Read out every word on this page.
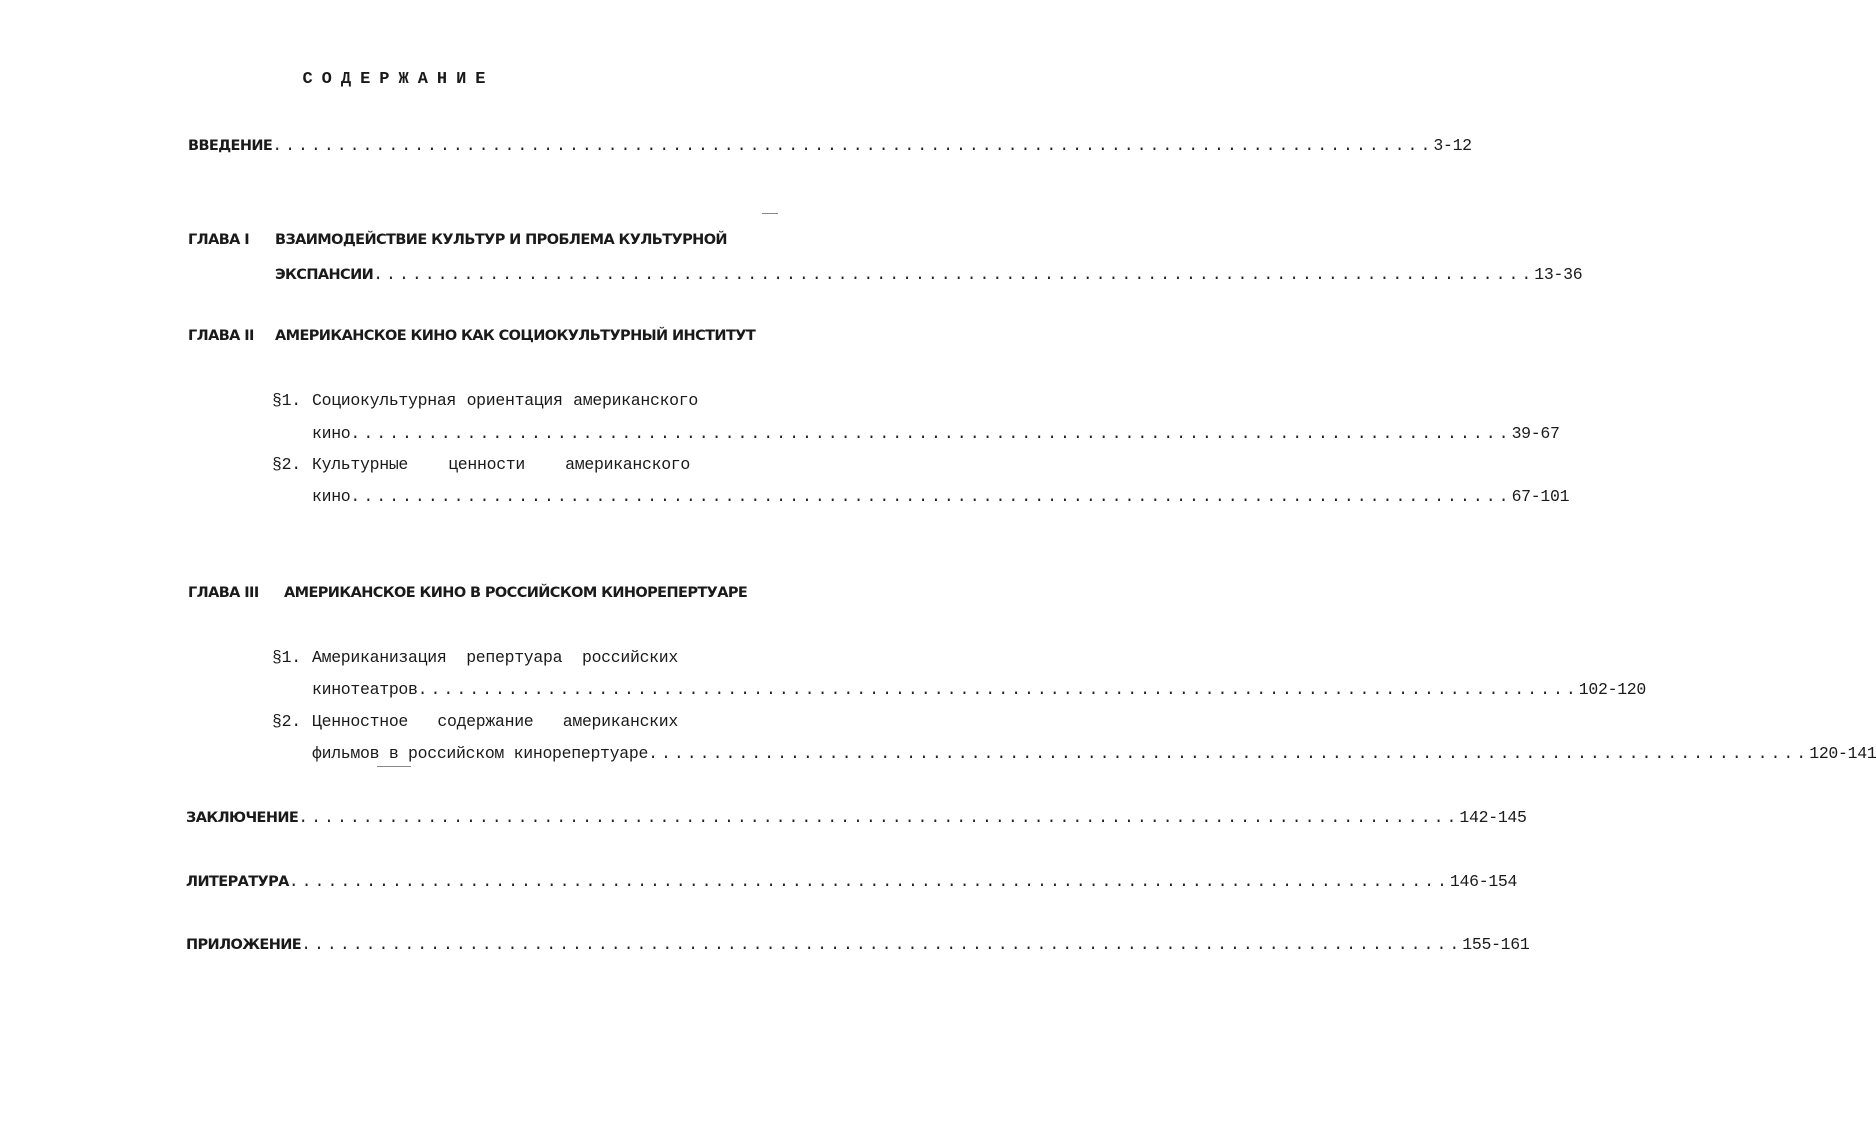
СОДЕРЖАНИЕ
ВВЕДЕНИЕ .......................................................................................... 3-12
ГЛАВА I ВЗАИМОДЕЙСТВИЕ КУЛЬТУР И ПРОБЛЕМА КУЛЬТУРНОЙ
ЭКСПАНСИИ .......................................................................................... 13-36
ГЛАВА II АМЕРИКАНСКОЕ КИНО КАК СОЦИОКУЛЬТУРНЫЙ ИНСТИТУТ
§1. Социокультурная ориентация американского
кино .......................................................................................... 39-67
§2. Культурные ценности американского
кино .......................................................................................... 67-101
ГЛАВА III АМЕРИКАНСКОЕ КИНО В РОССИЙСКОМ КИНОРЕПЕРТУАРЕ
§1. Американизация репертуара российских
кинотеатров .......................................................................................... 102-120
§2. Ценностное содержание американских
фильмов в российском кинорепертуаре .......................................................................................... 120-141
ЗАКЛЮЧЕНИЕ .......................................................................................... 142-145
ЛИТЕРАТУРА .......................................................................................... 146-154
ПРИЛОЖЕНИЕ .......................................................................................... 155-161
